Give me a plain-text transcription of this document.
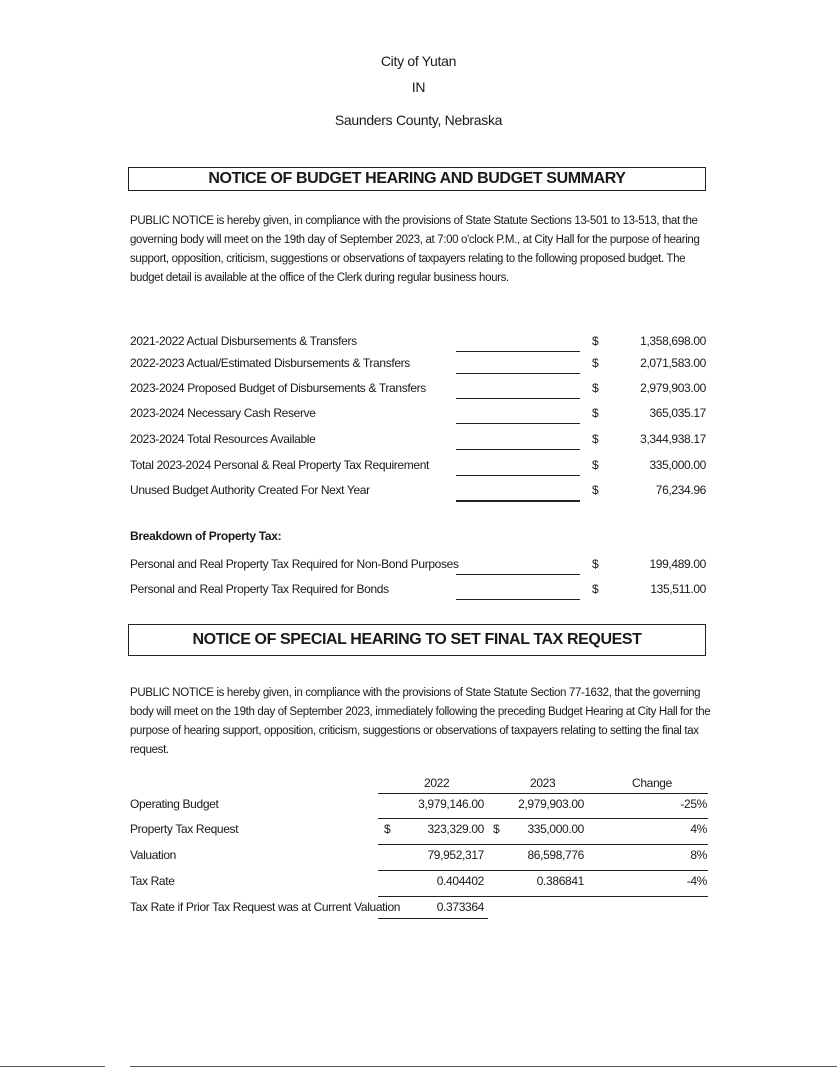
City of Yutan
IN
Saunders County, Nebraska
NOTICE OF BUDGET HEARING AND BUDGET SUMMARY

PUBLIC NOTICE is hereby given, in compliance with the provisions of State Statute Sections 13-501 to 13-513, that the governing body will meet on the 19th day of September 2023, at 7:00 o'clock P.M., at City Hall for the purpose of hearing support, opposition, criticism, suggestions or observations of taxpayers relating to the following proposed budget. The budget detail is available at the office of the Clerk during regular business hours.

2021-2022 Actual Disbursements & Transfers	$	1,358,698.00
2022-2023 Actual/Estimated Disbursements & Transfers	$	2,071,583.00
2023-2024 Proposed Budget of Disbursements & Transfers	$	2,979,903.00
2023-2024 Necessary Cash Reserve	$	365,035.17
2023-2024 Total Resources Available	$	3,344,938.17
Total 2023-2024 Personal & Real Property Tax Requirement	$	335,000.00
Unused Budget Authority Created For Next Year	$	76,234.96
Breakdown of Property Tax:
Personal and Real Property Tax Required for Non-Bond Purposes	$	199,489.00
Personal and Real Property Tax Required for Bonds	$	135,511.00
NOTICE OF SPECIAL HEARING TO SET FINAL TAX REQUEST

PUBLIC NOTICE is hereby given, in compliance with the provisions of State Statute Section 77-1632, that the governing body will meet on the 19th day of September 2023, immediately following the preceding Budget Hearing at City Hall for the purpose of hearing support, opposition, criticism, suggestions or observations of taxpayers relating to setting the final tax request.

2022	2023	Change
Operating Budget	3,979,146.00	2,979,903.00	-25%
Property Tax Request	$	323,329.00 $	335,000.00	4%
Valuation	79,952,317	86,598,776	8%
Tax Rate	0.404402	0.386841	-4%
Tax Rate if Prior Tax Request was at Current Valuation	0.373364
